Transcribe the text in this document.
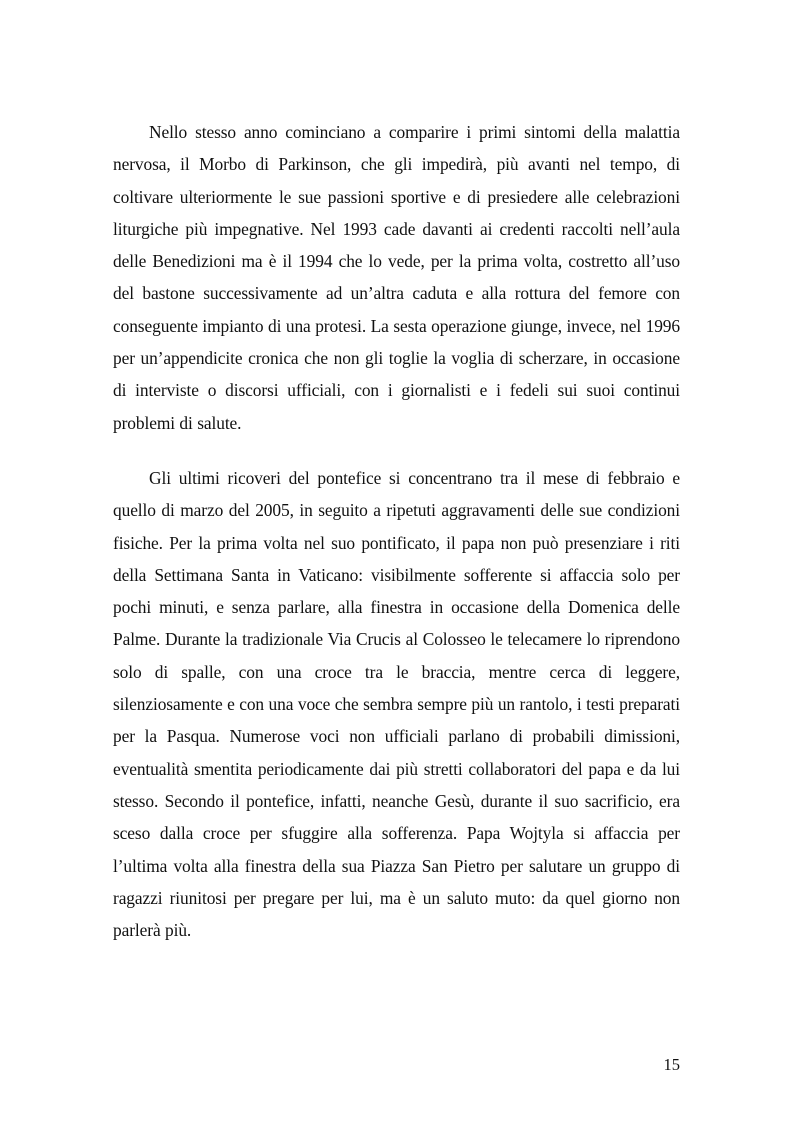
Nello stesso anno cominciano a comparire i primi sintomi della malattia nervosa, il Morbo di Parkinson, che gli impedirà, più avanti nel tempo, di coltivare ulteriormente le sue passioni sportive e di presiedere alle celebrazioni liturgiche più impegnative. Nel 1993 cade davanti ai credenti raccolti nell’aula delle Benedizioni ma è il 1994 che lo vede, per la prima volta, costretto all’uso del bastone successivamente ad un’altra caduta e alla rottura del femore con conseguente impianto di una protesi. La sesta operazione giunge, invece, nel 1996 per un’appendicite cronica che non gli toglie la voglia di scherzare, in occasione di interviste o discorsi ufficiali, con i giornalisti e i fedeli sui suoi continui problemi di salute.

Gli ultimi ricoveri del pontefice si concentrano tra il mese di febbraio e quello di marzo del 2005, in seguito a ripetuti aggravamenti delle sue condizioni fisiche. Per la prima volta nel suo pontificato, il papa non può presenziare i riti della Settimana Santa in Vaticano: visibilmente sofferente si affaccia solo per pochi minuti, e senza parlare, alla finestra in occasione della Domenica delle Palme. Durante la tradizionale Via Crucis al Colosseo le telecamere lo riprendono solo di spalle, con una croce tra le braccia, mentre cerca di leggere, silenziosamente e con una voce che sembra sempre più un rantolo, i testi preparati per la Pasqua. Numerose voci non ufficiali parlano di probabili dimissioni, eventualità smentita periodicamente dai più stretti collaboratori del papa e da lui stesso. Secondo il pontefice, infatti, neanche Gesù, durante il suo sacrificio, era sceso dalla croce per sfuggire alla sofferenza. Papa Wojtyla si affaccia per l’ultima volta alla finestra della sua Piazza San Pietro per salutare un gruppo di ragazzi riunitosi per pregare per lui, ma è un saluto muto: da quel giorno non parlerà più.

15
